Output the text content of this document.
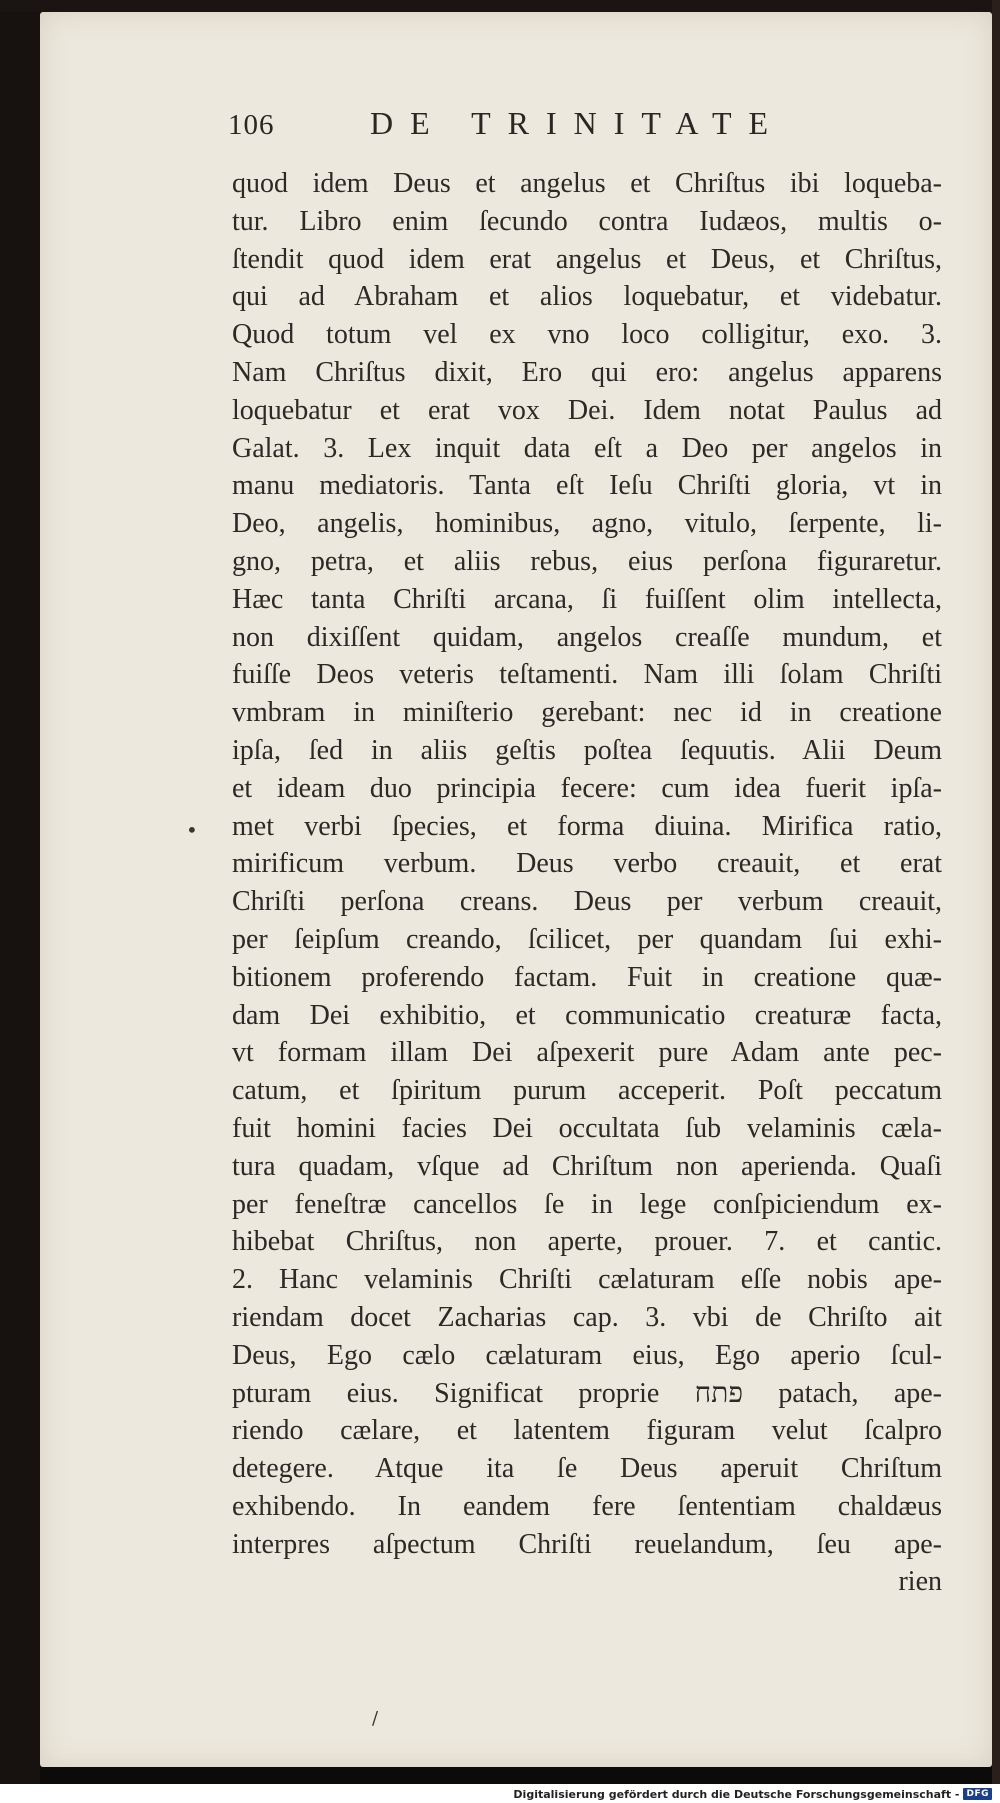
106	DE TRINITATE
quod idem Deus et angelus et Chriſtus ibi loqueba-
tur. Libro enim ſecundo contra Iudæos, multis o-
ſtendit quod idem erat angelus et Deus, et Chriſtus,
qui ad Abraham et alios loquebatur, et videbatur.
Quod totum vel ex vno loco colligitur, exo. 3.
Nam Chriſtus dixit, Ero qui ero: angelus apparens
loquebatur et erat vox Dei. Idem notat Paulus ad
Galat. 3. Lex inquit data eſt a Deo per angelos in
manu mediatoris. Tanta eſt Ieſu Chriſti gloria, vt in
Deo, angelis, hominibus, agno, vitulo, ſerpente, li-
gno, petra, et aliis rebus, eius perſona figuraretur.
Hæc tanta Chriſti arcana, ſi fuiſſent olim intellecta,
non dixiſſent quidam, angelos creaſſe mundum, et
fuiſſe Deos veteris teſtamenti. Nam illi ſolam Chriſti
vmbram in miniſterio gerebant: nec id in creatione
ipſa, ſed in aliis geſtis poſtea ſequutis. Alii Deum
et ideam duo principia fecere: cum idea fuerit ipſa-
met verbi ſpecies, et forma diuina. Mirifica ratio,
mirificum verbum. Deus verbo creauit, et erat
Chriſti perſona creans. Deus per verbum creauit,
per ſeipſum creando, ſcilicet, per quandam ſui exhi-
bitionem proferendo factam. Fuit in creatione quæ-
dam Dei exhibitio, et communicatio creaturæ facta,
vt formam illam Dei aſpexerit pure Adam ante pec-
catum, et ſpiritum purum acceperit. Poſt peccatum
fuit homini facies Dei occultata ſub velaminis cæla-
tura quadam, vſque ad Chriſtum non aperienda. Quaſi
per feneſtræ cancellos ſe in lege conſpiciendum ex-
hibebat Chriſtus, non aperte, prouer. 7. et cantic.
2. Hanc velaminis Chriſti cælaturam eſſe nobis ape-
riendam docet Zacharias cap. 3. vbi de Chriſto ait
Deus, Ego cælo cælaturam eius, Ego aperio ſcul-
pturam eius. Significat proprie פתח patach, ape-
riendo cælare, et latentem figuram velut ſcalpro
detegere. Atque ita ſe Deus aperuit Chriſtum
exhibendo. In eandem fere ſententiam chaldæus
interpres aſpectum Chriſti reuelandum, ſeu ape-
rien
•
/
Digitalisierung gefördert durch die Deutsche Forschungsgemeinschaft - DFG
